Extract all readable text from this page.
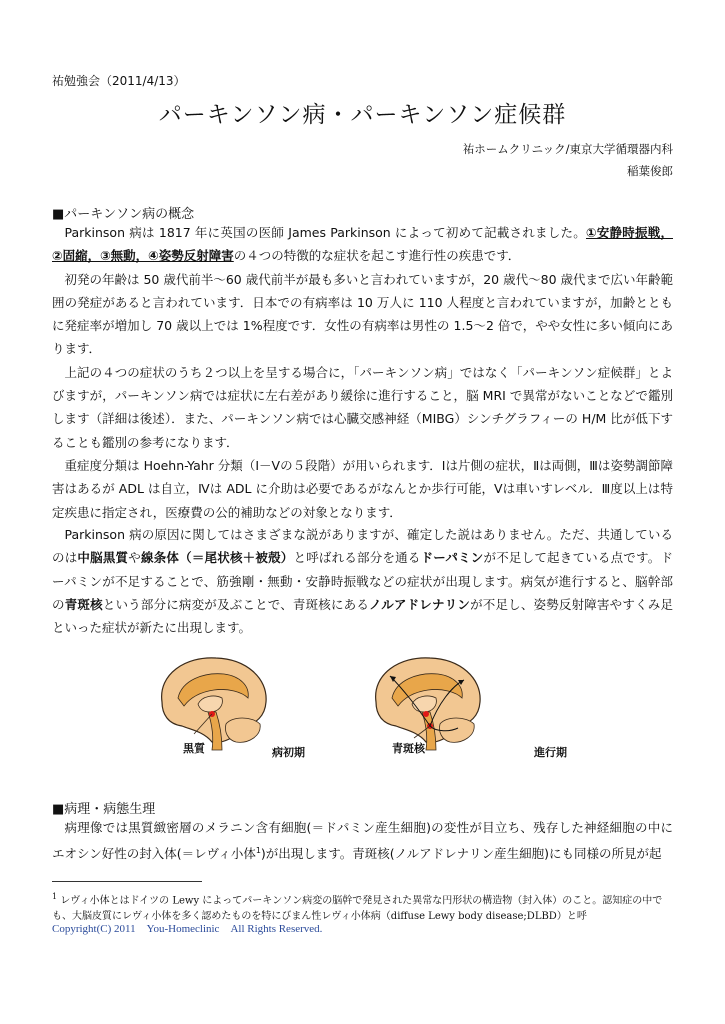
祐勉強会（2011/4/13）
パーキンソン病・パーキンソン症候群
祐ホームクリニック/東京大学循環器内科
稲葉俊郎
■パーキンソン病の概念

Parkinson 病は 1817 年に英国の医師 James Parkinson によって初めて記載されました。①安静時振戦，②固縮，③無動，④姿勢反射障害の４つの特徴的な症状を起こす進行性の疾患です．

初発の年齢は 50 歳代前半〜60 歳代前半が最も多いと言われていますが，20 歳代〜80 歳代まで広い年齢範囲の発症があると言われています．日本での有病率は 10 万人に 110 人程度と言われていますが，加齢とともに発症率が増加し 70 歳以上では 1%程度です．女性の有病率は男性の 1.5〜2 倍で，やや女性に多い傾向にあります．

上記の４つの症状のうち２つ以上を呈する場合に，「パーキンソン病」ではなく「パーキンソン症候群」とよびますが，パーキンソン病では症状に左右差があり緩徐に進行すること，脳 MRI で異常がないことなどで鑑別します（詳細は後述）．また、パーキンソン病では心臓交感神経（MIBG）シンチグラフィーの H/M 比が低下することも鑑別の参考になります．

重症度分類は Hoehn-Yahr 分類（Ⅰ－Ⅴの５段階）が用いられます．Ⅰは片側の症状，Ⅱは両側，Ⅲは姿勢調節障害はあるが ADL は自立，Ⅳは ADL に介助は必要であるがなんとか歩行可能，Ⅴは車いすレベル．Ⅲ度以上は特定疾患に指定され，医療費の公的補助などの対象となります．

Parkinson 病の原因に関してはさまざまな説がありますが、確定した説はありません。ただ、共通しているのは中脳黒質や線条体（＝尾状核＋被殻）と呼ばれる部分を通るドーパミンが不足して起きている点です。ドーパミンが不足することで、筋強剛・無動・安静時振戦などの症状が出現します。病気が進行すると、脳幹部の青斑核という部分に病変が及ぶことで、青斑核にあるノルアドレナリンが不足し、姿勢反射障害やすくみ足といった症状が新たに出現します。

黒質	病初期	青斑核	進行期
■病理・病態生理

病理像では黒質緻密層のメラニン含有細胞(＝ドパミン産生細胞)の変性が目立ち、残存した神経細胞の中にエオシン好性の封入体(＝レヴィ小体$^1$)が出現します。青斑核(ノルアドレナリン産生細胞)にも同様の所見が起

$^1$ レヴィ小体とはドイツの Lewy によってパーキンソン病変の脳幹で発見された異常な円形状の構造物（封入体）のこと。認知症の中でも、大脳皮質にレヴィ小体を多く認めたものを特にびまん性レヴィ小体病（diffuse Lewy body disease;DLBD）と呼
Copyright(C) 2011　You-Homeclinic　All Rights Reserved.
